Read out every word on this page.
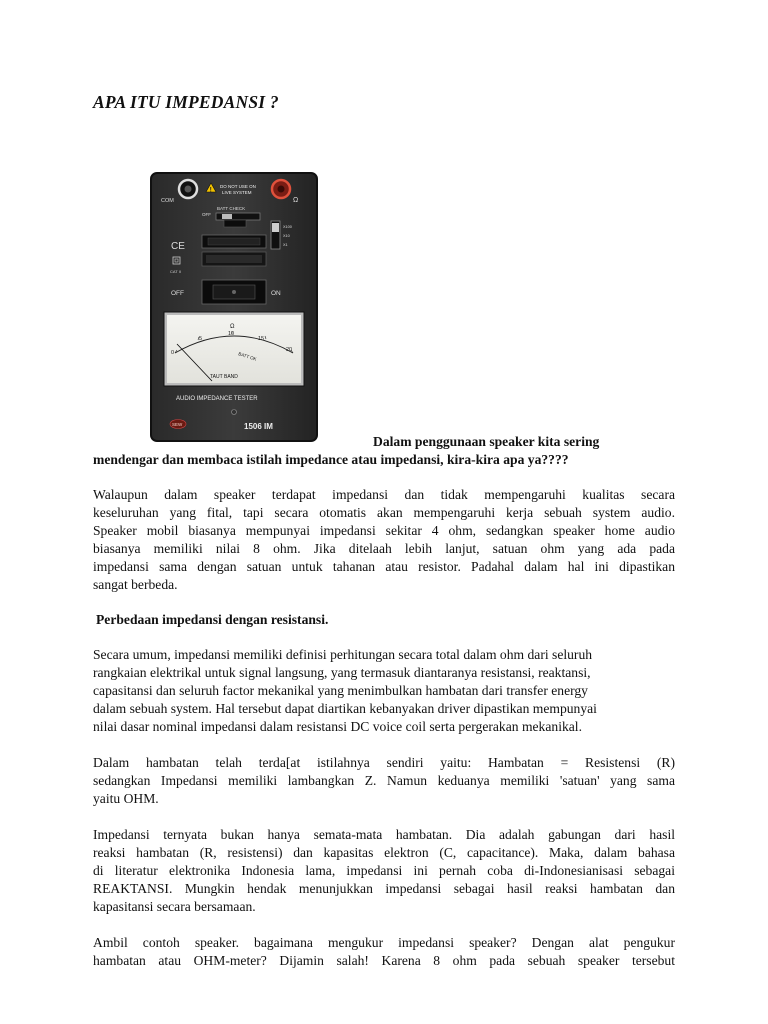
APA ITU IMPEDANSI ?
COM	Ω
!
DO NOT USE ON
LIVE SYSTEM
BATT CHECK
OFF
X100
X10
X1
CE
CAT II
OFF	ON
Ω
0
5
10
15
20
BATT OK
TAUT BAND
AUDIO IMPEDANCE TESTER
SEW	1506 IM
Dalam penggunaan speaker kita sering
mendengar dan membaca istilah impedance atau impedansi, kira-kira apa ya????
Walaupun dalam speaker terdapat impedansi dan tidak mempengaruhi kualitas secara
keseluruhan yang fital, tapi secara otomatis akan mempengaruhi kerja sebuah system audio.
Speaker mobil biasanya mempunyai impedansi sekitar 4 ohm, sedangkan speaker home audio
biasanya memiliki nilai 8 ohm. Jika ditelaah lebih lanjut, satuan ohm yang ada pada
impedansi sama dengan satuan untuk tahanan atau resistor. Padahal dalam hal ini dipastikan
sangat berbeda.
Perbedaan impedansi dengan resistansi.
Secara umum, impedansi memiliki definisi perhitungan secara total dalam ohm dari seluruh
rangkaian elektrikal untuk signal langsung, yang termasuk diantaranya resistansi, reaktansi,
capasitansi dan seluruh factor mekanikal yang menimbulkan hambatan dari transfer energy
dalam sebuah system. Hal tersebut dapat diartikan kebanyakan driver dipastikan mempunyai
nilai dasar nominal impedansi dalam resistansi DC voice coil serta pergerakan mekanikal.
Dalam hambatan telah terda[at istilahnya sendiri yaitu: Hambatan = Resistensi (R)
sedangkan Impedansi memiliki lambangkan Z. Namun keduanya memiliki 'satuan' yang sama
yaitu OHM.
Impedansi ternyata bukan hanya semata-mata hambatan. Dia adalah gabungan dari hasil
reaksi hambatan (R, resistensi) dan kapasitas elektron (C, capacitance). Maka, dalam bahasa
di literatur elektronika Indonesia lama, impedansi ini pernah coba di-Indonesianisasi sebagai
REAKTANSI. Mungkin hendak menunjukkan impedansi sebagai hasil reaksi hambatan dan
kapasitansi secara bersamaan.
Ambil contoh speaker. bagaimana mengukur impedansi speaker? Dengan alat pengukur
hambatan atau OHM-meter? Dijamin salah! Karena 8 ohm pada sebuah speaker tersebut
